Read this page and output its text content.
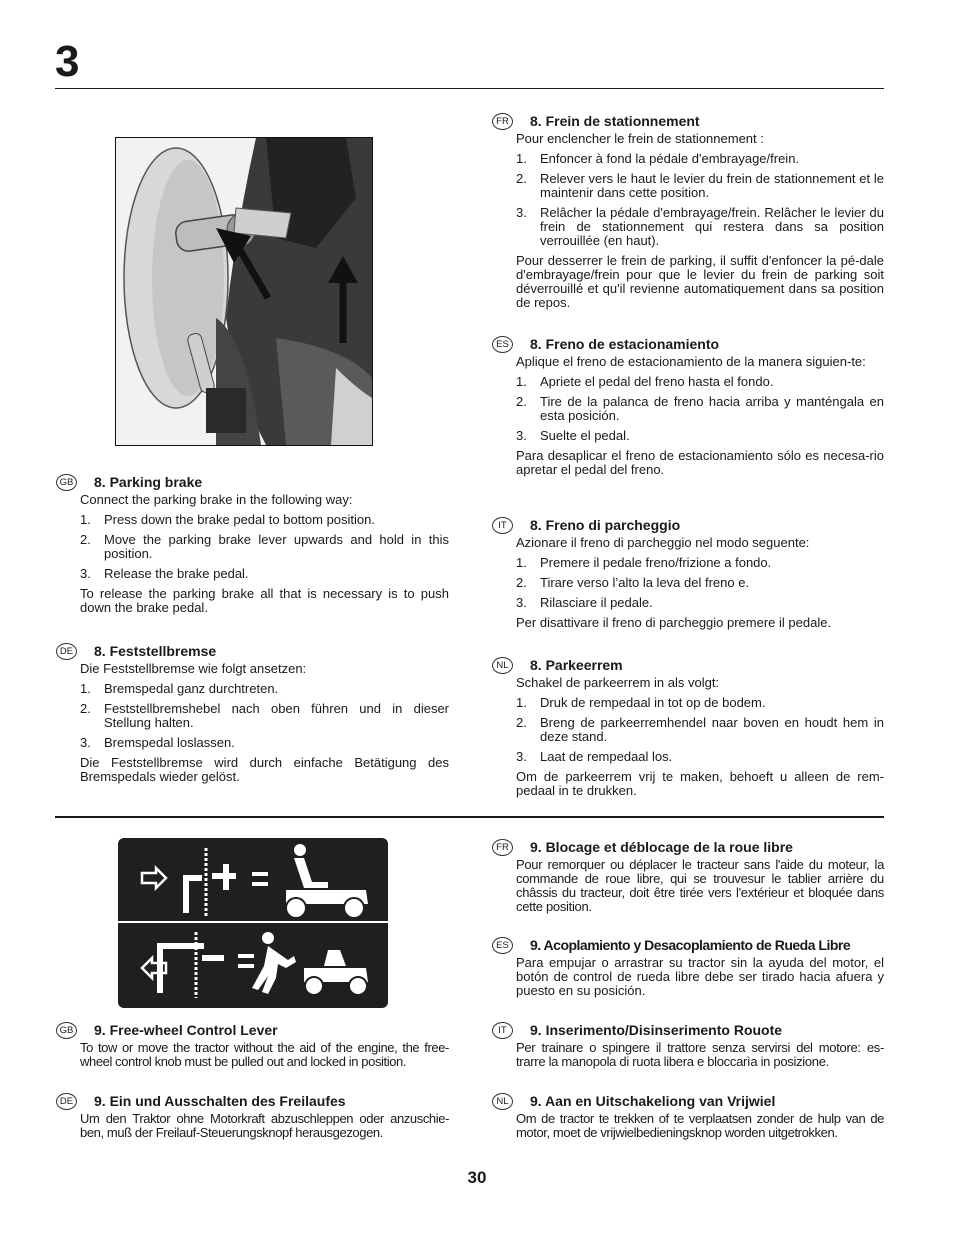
3
GB	8. Parking brake
Connect the parking brake in the following way:
1. Press down the brake pedal to bottom position.
2. Move the parking brake lever upwards and hold in this position.
3. Release the brake pedal.
To release the parking brake all that is necessary is to push down the brake pedal.
DE	8. Feststellbremse
Die Feststellbremse wie folgt ansetzen:
1. Bremspedal ganz durchtreten.
2. Feststellbremshebel nach oben führen und in dieser Stellung halten.
3. Bremspedal loslassen.
Die Feststellbremse wird durch einfache Betätigung des Bremspedals wieder gelöst.
FR	8. Frein de stationnement
Pour enclencher le frein de stationnement :
1. Enfoncer à fond la pédale d'embrayage/frein.
2. Relever vers le haut le levier du frein de stationnement et le maintenir dans cette position.
3. Relâcher la pédale d'embrayage/frein. Relâcher le levier du frein de stationnement qui restera dans sa position verrouillée (en haut).
Pour desserrer le frein de parking, il suffit d'enfoncer la pé-dale d'embrayage/frein pour que le levier du frein de parking soit déverrouillé et qu'il revienne automatiquement dans sa position de repos.
ES	8. Freno de estacionamiento
Aplique el freno de estacionamiento de la manera siguien-te:
1. Apriete el pedal del freno hasta el fondo.
2. Tire de la palanca de freno hacia arriba y manténgala en esta posición.
3. Suelte el pedal.
Para desaplicar el freno de estacionamiento sólo es necesa-rio apretar el pedal del freno.
IT	8. Freno di parcheggio
Azionare il freno di parcheggio nel modo seguente:
1. Premere il pedale freno/frizione a fondo.
2. Tirare verso l’alto la leva del freno e.
3. Rilasciare il pedale.
Per disattivare il freno di parcheggio premere il pedale.
NL	8. Parkeerrem
Schakel de parkeerrem in als volgt:
1. Druk de rempedaal in tot op de bodem.
2. Breng de parkeerremhendel naar boven en houdt hem in deze stand.
3. Laat de rempedaal los.
Om de parkeerrem vrij te maken, behoeft u alleen de rem-pedaal in te drukken.
GB	9. Free-wheel Control Lever
To tow or move the tractor without the aid of the engine, the free-wheel control knob must be pulled out and locked in position.
DE	9. Ein und Ausschalten des Freilaufes
Um den Traktor ohne Motorkraft abzuschleppen oder anzuschie-ben, muß der Freilauf-Steuerungsknopf herausgezogen.
FR	9. Blocage et déblocage de la roue libre
Pour remorquer ou déplacer le tracteur sans l'aide du moteur, la commande de roue libre, qui se trouvesur le tablier arrière du châssis du tracteur, doit être tirée vers l'extérieur et bloquée dans cette position.
ES	9. Acoplamiento y Desacoplamiento de Rueda Libre
Para empujar o arrastrar su tractor sin la ayuda del motor, el botón de control de rueda libre debe ser tirado hacia afuera y puesto en su posición.
IT	9. Inserimento/Disinserimento Rouote
Per trainare o spingere il trattore senza servirsi del motore: es-trarre la manopola di ruota libera e bloccarìa in posizione.
NL	9. Aan en Uitschakeliong van Vrijwiel
Om de tractor te trekken of te verplaatsen zonder de hulp van de motor, moet de vrijwielbedieningsknop worden uitgetrokken.
30
